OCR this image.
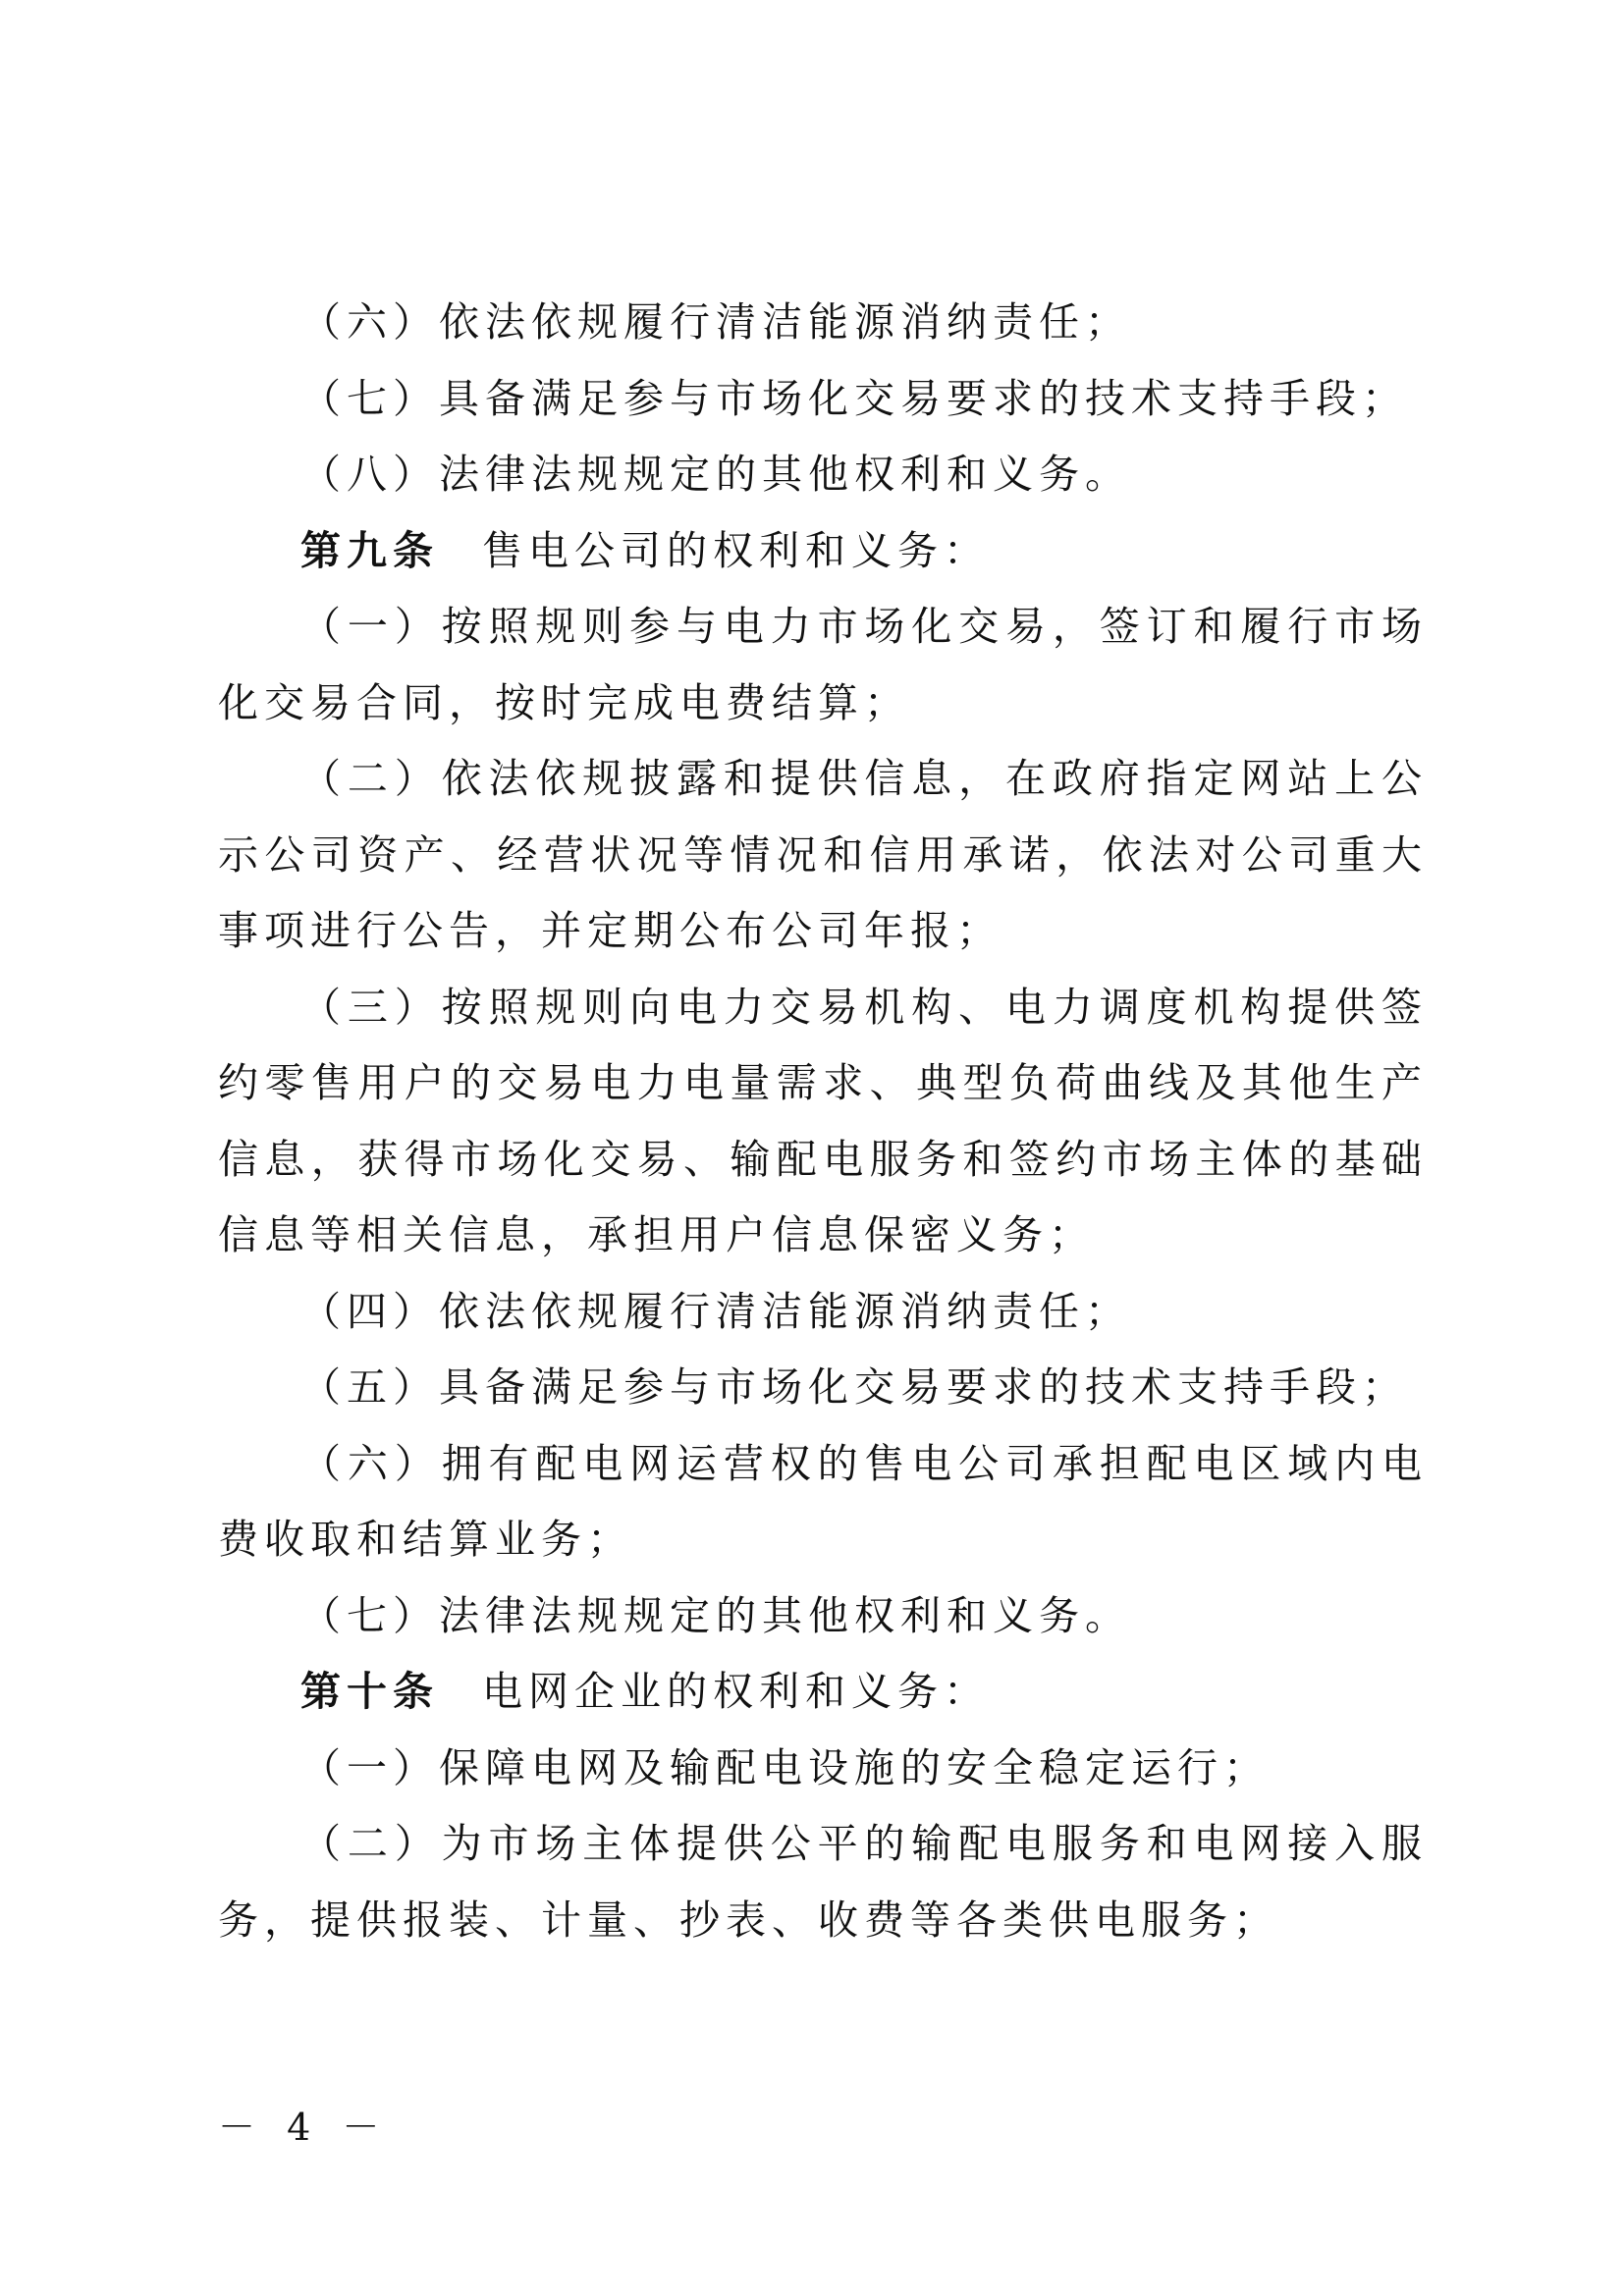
（六）依法依规履行清洁能源消纳责任；

（七）具备满足参与市场化交易要求的技术支持手段；

（八）法律法规规定的其他权利和义务。

第九条 售电公司的权利和义务：

（一）按照规则参与电力市场化交易，签订和履行市场化交易合同，按时完成电费结算；

（二）依法依规披露和提供信息，在政府指定网站上公示公司资产、经营状况等情况和信用承诺，依法对公司重大事项进行公告，并定期公布公司年报；

（三）按照规则向电力交易机构、电力调度机构提供签约零售用户的交易电力电量需求、典型负荷曲线及其他生产信息，获得市场化交易、输配电服务和签约市场主体的基础信息等相关信息，承担用户信息保密义务；

（四）依法依规履行清洁能源消纳责任；

（五）具备满足参与市场化交易要求的技术支持手段；

（六）拥有配电网运营权的售电公司承担配电区域内电费收取和结算业务；

（七）法律法规规定的其他权利和义务。

第十条 电网企业的权利和义务：

（一）保障电网及输配电设施的安全稳定运行；

（二）为市场主体提供公平的输配电服务和电网接入服务，提供报装、计量、抄表、收费等各类供电服务；

－ 4 －
